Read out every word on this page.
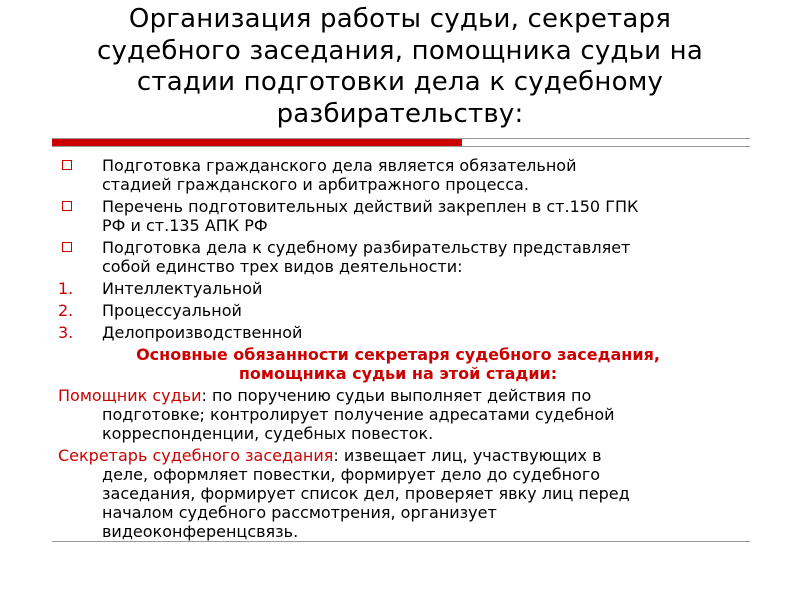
Организация работы судьи, секретаря
судебного заседания, помощника судьи на
стадии подготовки дела к судебному
разбирательству:
Подготовка гражданского дела является обязательной
стадией гражданского и арбитражного процесса.
Перечень подготовительных действий закреплен в ст.150 ГПК
РФ и ст.135 АПК РФ
Подготовка дела к судебному разбирательству представляет
собой единство трех видов деятельности:
1. Интеллектуальной
2. Процессуальной
3. Делопроизводственной
Основные обязанности секретаря судебного заседания,
помощника судьи на этой стадии:
Помощник судьи: по поручению судьи выполняет действия по
подготовке; контролирует получение адресатами судебной
корреспонденции, судебных повесток.
Секретарь судебного заседания: извещает лиц, участвующих в
деле, оформляет повестки, формирует дело до судебного
заседания, формирует список дел, проверяет явку лиц перед
началом судебного рассмотрения, организует
видеоконференцсвязь.
